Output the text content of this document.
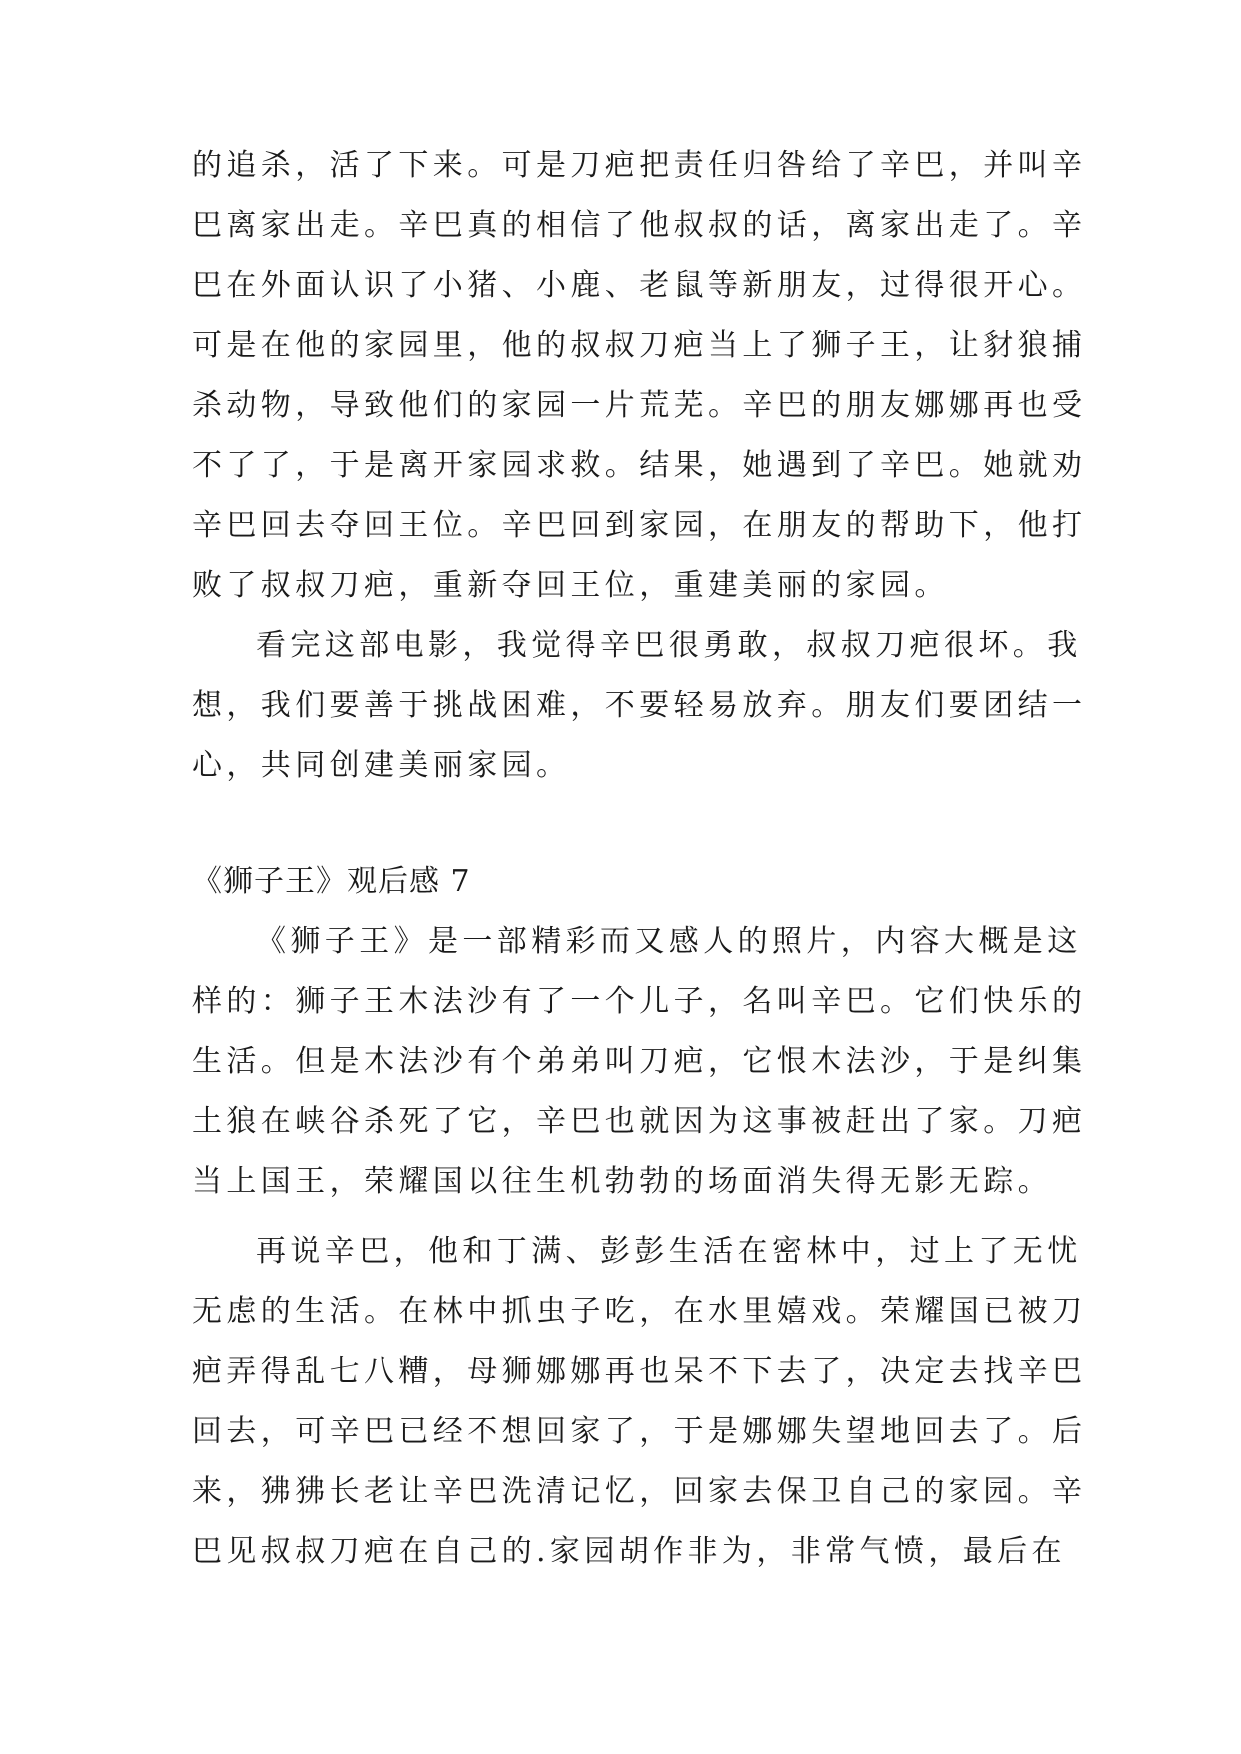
的追杀，活了下来。可是刀疤把责任归咎给了辛巴，并叫辛
巴离家出走。辛巴真的相信了他叔叔的话，离家出走了。辛
巴在外面认识了小猪、小鹿、老鼠等新朋友，过得很开心。
可是在他的家园里，他的叔叔刀疤当上了狮子王，让豺狼捕
杀动物，导致他们的家园一片荒芜。辛巴的朋友娜娜再也受
不了了，于是离开家园求救。结果，她遇到了辛巴。她就劝
辛巴回去夺回王位。辛巴回到家园，在朋友的帮助下，他打
败了叔叔刀疤，重新夺回王位，重建美丽的家园。
看完这部电影，我觉得辛巴很勇敢，叔叔刀疤很坏。我
想，我们要善于挑战困难，不要轻易放弃。朋友们要团结一
心，共同创建美丽家园。
《狮子王》观后感 7
《狮子王》是一部精彩而又感人的照片，内容大概是这
样的：狮子王木法沙有了一个儿子，名叫辛巴。它们快乐的
生活。但是木法沙有个弟弟叫刀疤，它恨木法沙，于是纠集
土狼在峡谷杀死了它，辛巴也就因为这事被赶出了家。刀疤
当上国王，荣耀国以往生机勃勃的场面消失得无影无踪。
再说辛巴，他和丁满、彭彭生活在密林中，过上了无忧
无虑的生活。在林中抓虫子吃，在水里嬉戏。荣耀国已被刀
疤弄得乱七八糟，母狮娜娜再也呆不下去了，决定去找辛巴
回去，可辛巴已经不想回家了，于是娜娜失望地回去了。后
来，狒狒长老让辛巴洗清记忆，回家去保卫自己的家园。辛
巴见叔叔刀疤在自己的.家园胡作非为，非常气愤，最后在
